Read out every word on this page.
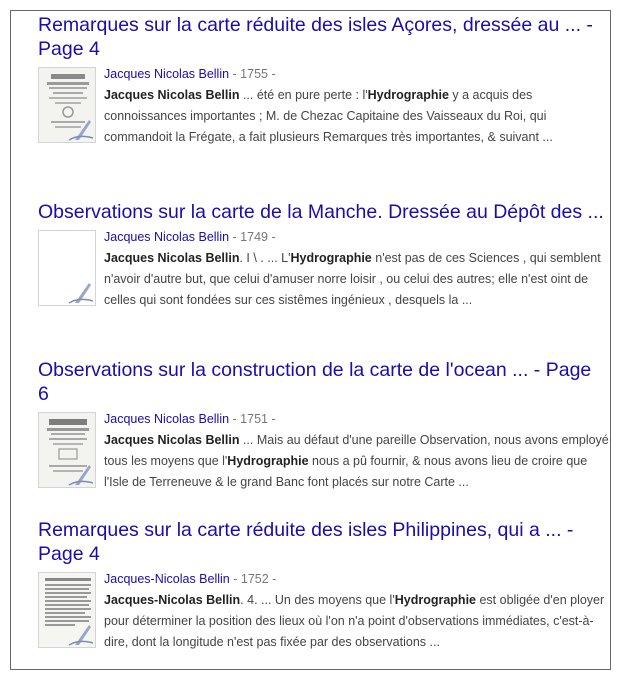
Remarques sur la carte réduite des isles Açores, dressée au ... - Page 4
Jacques Nicolas Bellin - 1755 -
Jacques Nicolas Bellin ... été en pure perte : l'Hydrographie y a acquis des connoissances importantes ; M. de Chezac Capitaine des Vaisseaux du Roi, qui commandoit la Frégate, a fait plusieurs Remarques très importantes, & suivant ...
Observations sur la carte de la Manche. Dressée au Dépôt des ...
Jacques Nicolas Bellin - 1749 -
Jacques Nicolas Bellin. I \ . ... L'Hydrographie n'est pas de ces Sciences , qui semblent n'avoir d'autre but, que celui d'amuser norre loisir , ou celui des autres; elle n'est oint de celles qui sont fondées sur ces sistêmes ingénieux , desquels la ...
Observations sur la construction de la carte de l'ocean ... - Page 6
Jacques Nicolas Bellin - 1751 -
Jacques Nicolas Bellin ... Mais au défaut d'une pareille Observation, nous avons employé tous les moyens que l'Hydrographie nous a pû fournir, & nous avons lieu de croire que l'Isle de Terreneuve & le grand Banc font placés sur notre Carte ...
Remarques sur la carte réduite des isles Philippines, qui a ... - Page 4
Jacques-Nicolas Bellin - 1752 -
Jacques-Nicolas Bellin. 4. ... Un des moyens que l'Hydrographie est obligée d'en ployer pour déterminer la position des lieux où l'on n'a point d'observations immédiates, c'est-à-dire, dont la longitude n'est pas fixée par des observations ...
